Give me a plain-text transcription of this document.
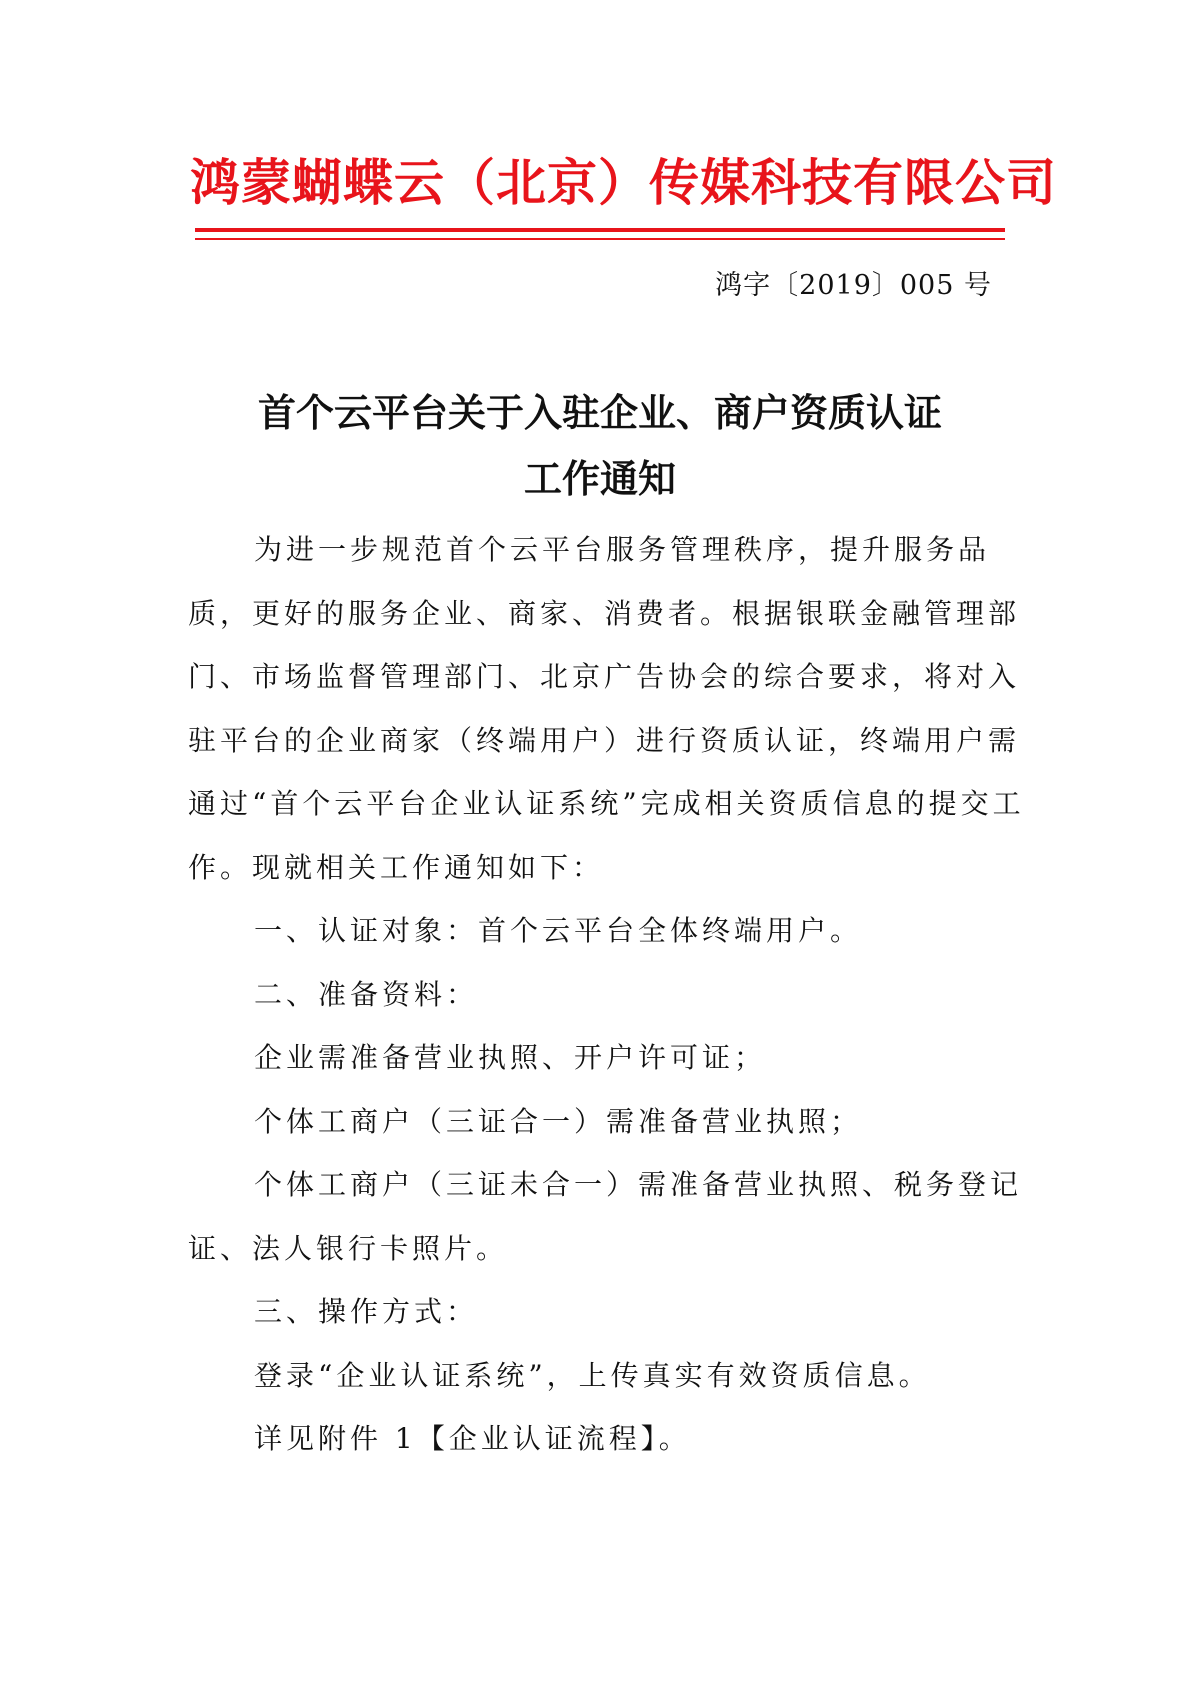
鸿蒙蝴蝶云（北京）传媒科技有限公司
鸿字〔2019〕005 号
首个云平台关于入驻企业、商户资质认证
工作通知

为进一步规范首个云平台服务管理秩序，提升服务品质，更好的服务企业、商家、消费者。根据银联金融管理部门、市场监督管理部门、北京广告协会的综合要求，将对入驻平台的企业商家（终端用户）进行资质认证，终端用户需通过“首个云平台企业认证系统”完成相关资质信息的提交工作。现就相关工作通知如下：

一、认证对象：首个云平台全体终端用户。

二、准备资料：

企业需准备营业执照、开户许可证；

个体工商户（三证合一）需准备营业执照；

个体工商户（三证未合一）需准备营业执照、税务登记证、法人银行卡照片。

三、操作方式：

登录“企业认证系统”，上传真实有效资质信息。

详见附件 1【企业认证流程】。
